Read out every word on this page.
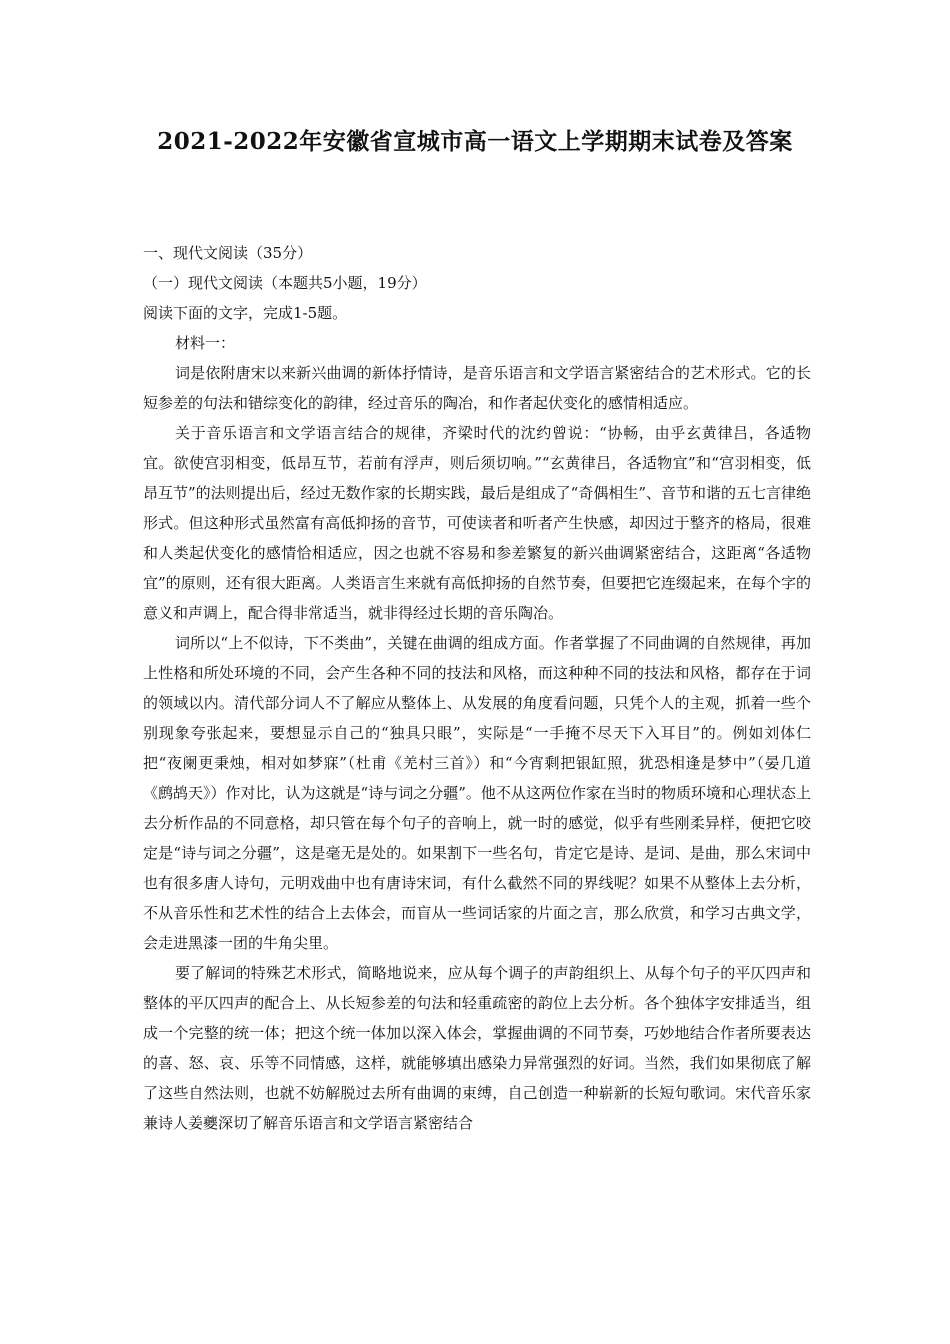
2021-2022年安徽省宣城市高一语文上学期期末试卷及答案

一、现代文阅读（35分）

（一）现代文阅读（本题共5小题，19分）

阅读下面的文字，完成1-5题。

材料一：

词是依附唐宋以来新兴曲调的新体抒情诗，是音乐语言和文学语言紧密结合的艺术形式。它的长短参差的句法和错综变化的韵律，经过音乐的陶冶，和作者起伏变化的感情相适应。

关于音乐语言和文学语言结合的规律，齐梁时代的沈约曾说：“协畅，由乎玄黄律吕，各适物宜。欲使宫羽相变，低昂互节，若前有浮声，则后须切响。”“玄黄律吕，各适物宜”和“宫羽相变，低昂互节”的法则提出后，经过无数作家的长期实践，最后是组成了“奇偶相生”、音节和谐的五七言律绝形式。但这种形式虽然富有高低抑扬的音节，可使读者和听者产生快感，却因过于整齐的格局，很难和人类起伏变化的感情恰相适应，因之也就不容易和参差繁复的新兴曲调紧密结合，这距离“各适物宜”的原则，还有很大距离。人类语言生来就有高低抑扬的自然节奏，但要把它连缀起来，在每个字的意义和声调上，配合得非常适当，就非得经过长期的音乐陶冶。

词所以“上不似诗，下不类曲”，关键在曲调的组成方面。作者掌握了不同曲调的自然规律，再加上性格和所处环境的不同，会产生各种不同的技法和风格，而这种种不同的技法和风格，都存在于词的领域以内。清代部分词人不了解应从整体上、从发展的角度看问题，只凭个人的主观，抓着一些个别现象夸张起来，要想显示自己的“独具只眼”，实际是“一手掩不尽天下入耳目”的。例如刘体仁把“夜阑更秉烛，相对如梦寐”（杜甫《羌村三首》）和“今宵剩把银缸照，犹恐相逢是梦中”（晏几道《鹧鸪天》）作对比，认为这就是“诗与词之分疆”。他不从这两位作家在当时的物质环境和心理状态上去分析作品的不同意格，却只管在每个句子的音响上，就一时的感觉，似乎有些刚柔异样，便把它咬定是“诗与词之分疆”，这是毫无是处的。如果割下一些名句，肯定它是诗、是词、是曲，那么宋词中也有很多唐人诗句，元明戏曲中也有唐诗宋词，有什么截然不同的界线呢？如果不从整体上去分析，不从音乐性和艺术性的结合上去体会，而盲从一些词话家的片面之言，那么欣赏，和学习古典文学，会走进黑漆一团的牛角尖里。

要了解词的特殊艺术形式，简略地说来，应从每个调子的声韵组织上、从每个句子的平仄四声和整体的平仄四声的配合上、从长短参差的句法和轻重疏密的韵位上去分析。各个独体字安排适当，组成一个完整的统一体；把这个统一体加以深入体会，掌握曲调的不同节奏，巧妙地结合作者所要表达的喜、怒、哀、乐等不同情感，这样，就能够填出感染力异常强烈的好词。当然，我们如果彻底了解了这些自然法则，也就不妨解脱过去所有曲调的束缚，自己创造一种崭新的长短句歌词。宋代音乐家兼诗人姜夔深切了解音乐语言和文学语言紧密结合
